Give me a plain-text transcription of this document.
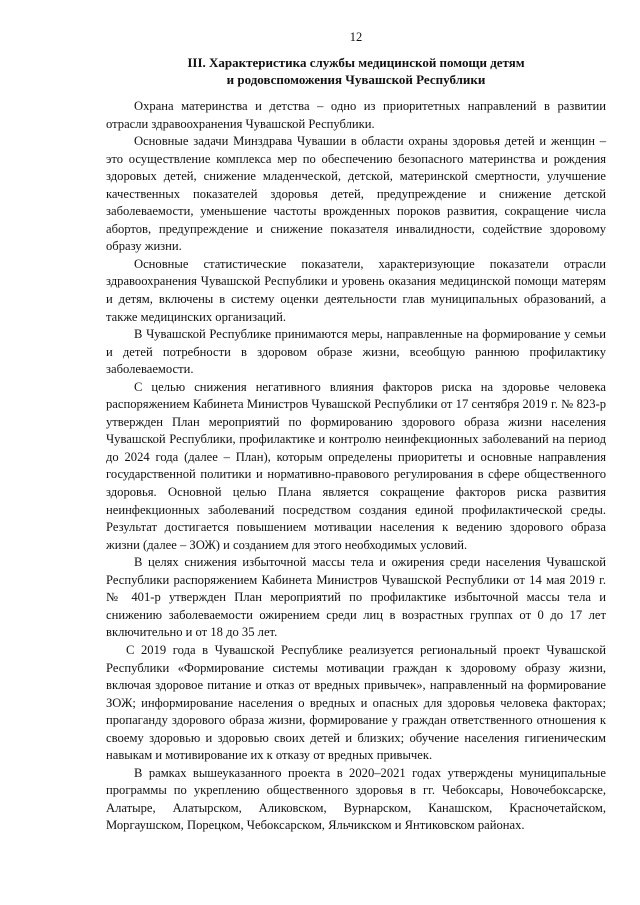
12
III. Характеристика службы медицинской помощи детям
и родовспоможения Чувашской Республики

Охрана материнства и детства – одно из приоритетных направлений в развитии отрасли здравоохранения Чувашской Республики.

Основные задачи Минздрава Чувашии в области охраны здоровья детей и женщин – это осуществление комплекса мер по обеспечению безопасного материнства и рождения здоровых детей, снижение младенческой, детской, материнской смертности, улучшение качественных показателей здоровья детей, предупреждение и снижение детской заболеваемости, уменьшение частоты врожденных пороков развития, сокращение числа абортов, предупреждение и снижение показателя инвалидности, содействие здоровому образу жизни.

Основные статистические показатели, характеризующие показатели отрасли здравоохранения Чувашской Республики и уровень оказания медицинской помощи матерям и детям, включены в систему оценки деятельности глав муниципальных образований, а также медицинских организаций.

В Чувашской Республике принимаются меры, направленные на формирование у семьи и детей потребности в здоровом образе жизни, всеобщую раннюю профилактику заболеваемости.

С целью снижения негативного влияния факторов риска на здоровье человека распоряжением Кабинета Министров Чувашской Республики от 17 сентября 2019 г. № 823-р утвержден План мероприятий по формированию здорового образа жизни населения Чувашской Республики, профилактике и контролю неинфекционных заболеваний на период до 2024 года (далее – План), которым определены приоритеты и основные направления государственной политики и нормативно-правового регулирования в сфере общественного здоровья. Основной целью Плана является сокращение факторов риска развития неинфекционных заболеваний посредством создания единой профилактической среды. Результат достигается повышением мотивации населения к ведению здорового образа жизни (далее – ЗОЖ) и созданием для этого необходимых условий.

В целях снижения избыточной массы тела и ожирения среди населения Чувашской Республики распоряжением Кабинета Министров Чувашской Республики от 14 мая 2019 г. № 401-р утвержден План мероприятий по профилактике избыточной массы тела и снижению заболеваемости ожирением среди лиц в возрастных группах от 0 до 17 лет включительно и от 18 до 35 лет.

С 2019 года в Чувашской Республике реализуется региональный проект Чувашской Республики «Формирование системы мотивации граждан к здоровому образу жизни, включая здоровое питание и отказ от вредных привычек», направленный на формирование ЗОЖ; информирование населения о вредных и опасных для здоровья человека факторах; пропаганду здорового образа жизни, формирование у граждан ответственного отношения к своему здоровью и здоровью своих детей и близких; обучение населения гигиеническим навыкам и мотивирование их к отказу от вредных привычек.

В рамках вышеуказанного проекта в 2020–2021 годах утверждены муниципальные программы по укреплению общественного здоровья в гг. Чебоксары, Новочебоксарске, Алатыре, Алатырском, Аликовском, Вурнарском, Канашском, Красночетайском, Моргаушском, Порецком, Чебоксарском, Яльчикском и Янтиковском районах.
